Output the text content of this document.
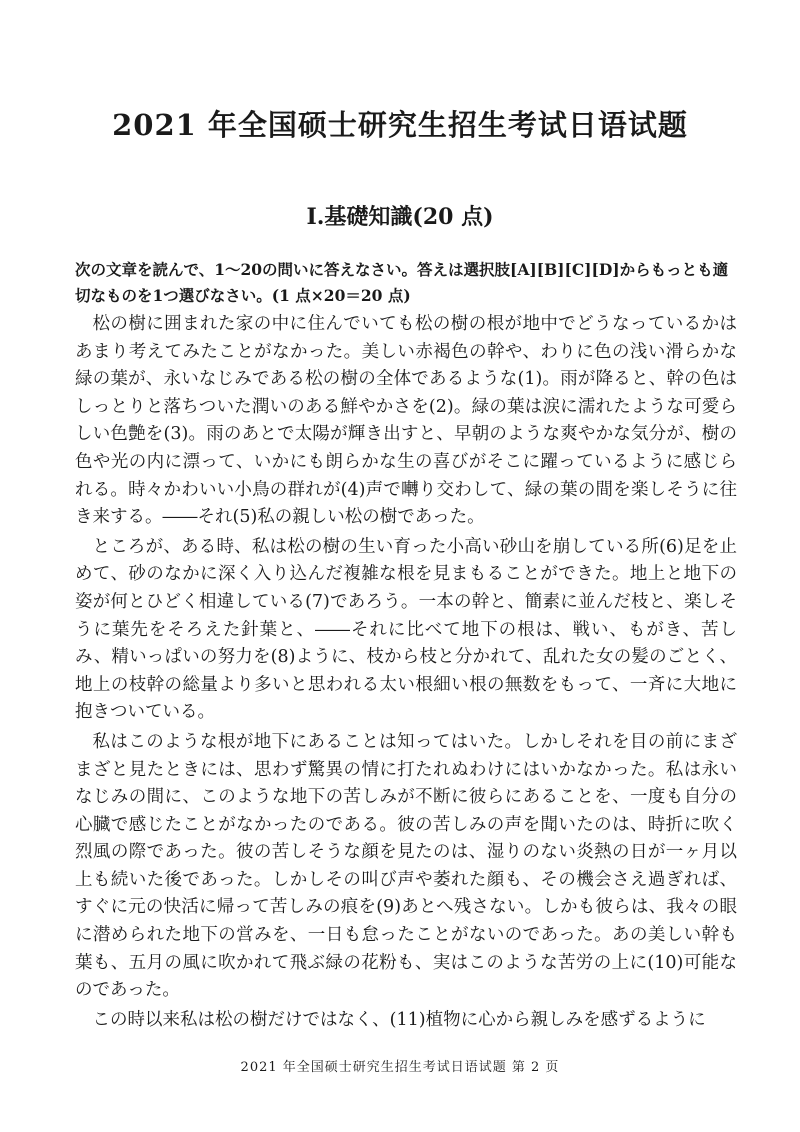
2021 年全国硕士研究生招生考试日语试题
Ⅰ.基礎知識(20 点)
次の文章を読んで、1～20の問いに答えなさい。答えは選択肢[A][B][C][D]からもっとも適切なものを1つ選びなさい。(1 点×20＝20 点)

松の樹に囲まれた家の中に住んでいても松の樹の根が地中でどうなっているかはあまり考えてみたことがなかった。美しい赤褐色の幹や、わりに色の浅い滑らかな緑の葉が、永いなじみである松の樹の全体であるような(1)。雨が降ると、幹の色はしっとりと落ちついた潤いのある鮮やかさを(2)。緑の葉は涙に濡れたような可愛らしい色艶を(3)。雨のあとで太陽が輝き出すと、早朝のような爽やかな気分が、樹の色や光の内に漂って、いかにも朗らかな生の喜びがそこに躍っているように感じられる。時々かわいい小鳥の群れが(4)声で囀り交わして、緑の葉の間を楽しそうに往き来する。――それ(5)私の親しい松の樹であった。

ところが、ある時、私は松の樹の生い育った小高い砂山を崩している所(6)足を止めて、砂のなかに深く入り込んだ複雑な根を見まもることができた。地上と地下の姿が何とひどく相違している(7)であろう。一本の幹と、簡素に並んだ枝と、楽しそうに葉先をそろえた針葉と、――それに比べて地下の根は、戦い、もがき、苦しみ、精いっぱいの努力を(8)ように、枝から枝と分かれて、乱れた女の髪のごとく、地上の枝幹の総量より多いと思われる太い根細い根の無数をもって、一斉に大地に抱きついている。

私はこのような根が地下にあることは知ってはいた。しかしそれを目の前にまざまざと見たときには、思わず驚異の情に打たれぬわけにはいかなかった。私は永いなじみの間に、このような地下の苦しみが不断に彼らにあることを、一度も自分の心臓で感じたことがなかったのである。彼の苦しみの声を聞いたのは、時折に吹く烈風の際であった。彼の苦しそうな顔を見たのは、湿りのない炎熱の日が一ヶ月以上も続いた後であった。しかしその叫び声や萎れた顔も、その機会さえ過ぎれば、すぐに元の快活に帰って苦しみの痕を(9)あとへ残さない。しかも彼らは、我々の眼に潜められた地下の営みを、一日も怠ったことがないのであった。あの美しい幹も葉も、五月の風に吹かれて飛ぶ緑の花粉も、実はこのような苦労の上に(10)可能なのであった。

この時以来私は松の樹だけではなく、(11)植物に心から親しみを感ずるように

2021 年全国硕士研究生招生考试日语试题 第 2 页
